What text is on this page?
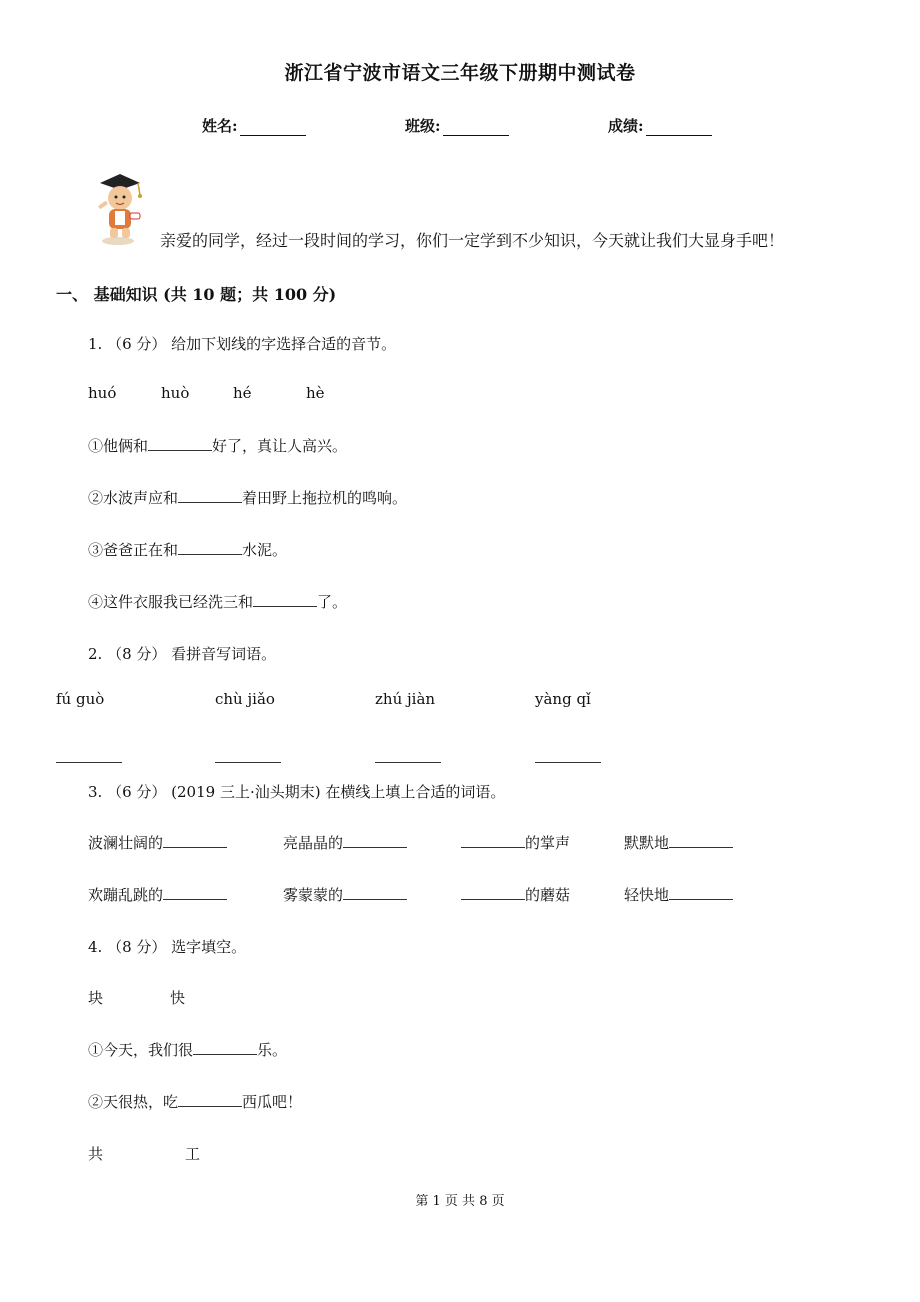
浙江省宁波市语文三年级下册期中测试卷
姓名:	班级:	成绩:
亲爱的同学，经过一段时间的学习，你们一定学到不少知识，今天就让我们大显身手吧！
一、 基础知识 (共 10 题；共 100 分)
1. （6 分） 给加下划线的字选择合适的音节。
huó	huò	hé	hè
①他俩和	好了，真让人高兴。
②水波声应和	着田野上拖拉机的鸣响。
③爸爸正在和	水泥。
④这件衣服我已经洗三和	了。
2. （8 分） 看拼音写词语。
fú guò	chù jiǎo	zhú jiàn	yàng qǐ
3. （6 分） (2019 三上·汕头期末) 在横线上填上合适的词语。
波澜壮阔的	亮晶晶的	的掌声	默默地
欢蹦乱跳的	雾蒙蒙的	的蘑菇	轻快地
4. （8 分） 选字填空。
块	快
①今天，我们很	乐。
②天很热，吃	西瓜吧！
共	工
第 1 页 共 8 页
